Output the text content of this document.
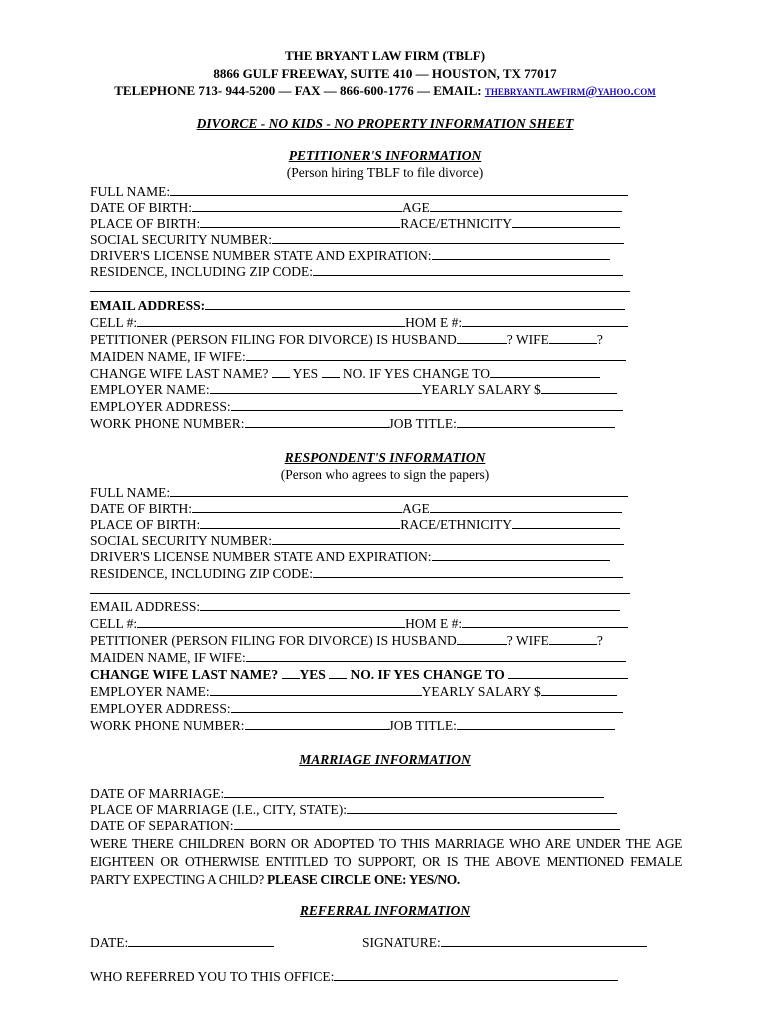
THE BRYANT LAW FIRM (TBLF)
8866 GULF FREEWAY, SUITE 410 — HOUSTON, TX 77017
TELEPHONE 713- 944-5200 — FAX — 866-600-1776 — EMAIL: thebryantlawfirm@yahoo.com
DIVORCE - NO KIDS - NO PROPERTY INFORMATION SHEET
PETITIONER'S INFORMATION
(Person hiring TBLF to file divorce)
FULL NAME:
DATE OF BIRTH:	AGE
PLACE OF BIRTH:	RACE/ETHNICITY
SOCIAL SECURITY NUMBER:
DRIVER'S LICENSE NUMBER STATE AND EXPIRATION:
RESIDENCE, INCLUDING ZIP CODE:
EMAIL ADDRESS:
CELL #:	HOM E #:
PETITIONER (PERSON FILING FOR DIVORCE) IS HUSBAND	? WIFE	?
MAIDEN NAME, IF WIFE:
CHANGE WIFE LAST NAME? YES NO. IF YES CHANGE TO
EMPLOYER NAME:	YEARLY SALARY $
EMPLOYER ADDRESS:
WORK PHONE NUMBER:	JOB TITLE:
RESPONDENT'S INFORMATION
(Person who agrees to sign the papers)
FULL NAME:
DATE OF BIRTH:	AGE
PLACE OF BIRTH:	RACE/ETHNICITY
SOCIAL SECURITY NUMBER:
DRIVER'S LICENSE NUMBER STATE AND EXPIRATION:
RESIDENCE, INCLUDING ZIP CODE:
EMAIL ADDRESS:
CELL #:	HOM E #:
PETITIONER (PERSON FILING FOR DIVORCE) IS HUSBAND	? WIFE	?
MAIDEN NAME, IF WIFE:
CHANGE WIFE LAST NAME? YES NO. IF YES CHANGE TO
EMPLOYER NAME:	YEARLY SALARY $
EMPLOYER ADDRESS:
WORK PHONE NUMBER:	JOB TITLE:
MARRIAGE INFORMATION
DATE OF MARRIAGE:
PLACE OF MARRIAGE (I.E., CITY, STATE):
DATE OF SEPARATION:
WERE THERE CHILDREN BORN OR ADOPTED TO THIS MARRIAGE WHO ARE UNDER THE AGE EIGHTEEN OR OTHERWISE ENTITLED TO SUPPORT, OR IS THE ABOVE MENTIONED FEMALE PARTY EXPECTING A CHILD? PLEASE CIRCLE ONE: YES/NO.
REFERRAL INFORMATION
DATE:	SIGNATURE:
WHO REFERRED YOU TO THIS OFFICE:
